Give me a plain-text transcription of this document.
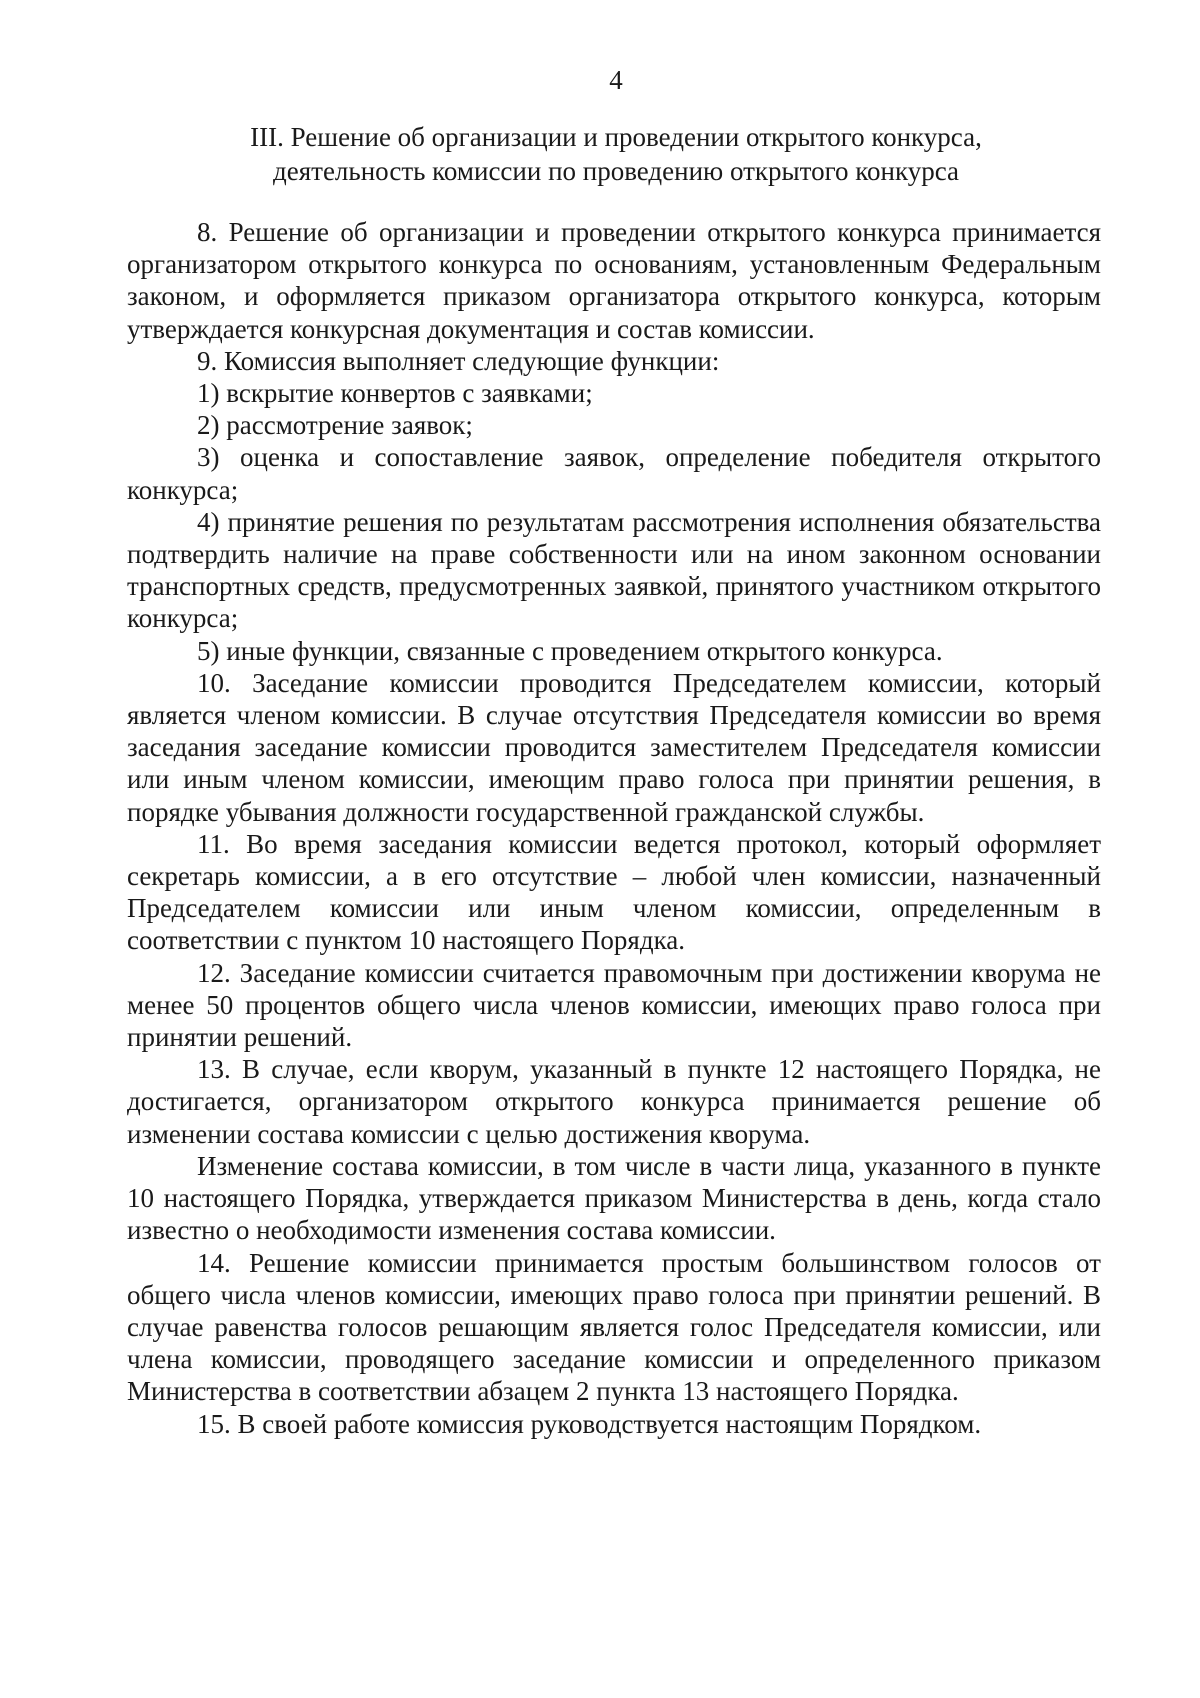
4
III. Решение об организации и проведении открытого конкурса,
деятельность комиссии по проведению открытого конкурса

8. Решение об организации и проведении открытого конкурса принимается организатором открытого конкурса по основаниям, установленным Федеральным законом, и оформляется приказом организатора открытого конкурса, которым утверждается конкурсная документация и состав комиссии.

9. Комиссия выполняет следующие функции:

1) вскрытие конвертов с заявками;

2) рассмотрение заявок;

3) оценка и сопоставление заявок, определение победителя открытого конкурса;

4) принятие решения по результатам рассмотрения исполнения обязательства подтвердить наличие на праве собственности или на ином законном основании транспортных средств, предусмотренных заявкой, принятого участником открытого конкурса;

5) иные функции, связанные с проведением открытого конкурса.

10. Заседание комиссии проводится Председателем комиссии, который является членом комиссии. В случае отсутствия Председателя комиссии во время заседания заседание комиссии проводится заместителем Председателя комиссии или иным членом комиссии, имеющим право голоса при принятии решения, в порядке убывания должности государственной гражданской службы.

11. Во время заседания комиссии ведется протокол, который оформляет секретарь комиссии, а в его отсутствие – любой член комиссии, назначенный Председателем комиссии или иным членом комиссии, определенным в соответствии с пунктом 10 настоящего Порядка.

12. Заседание комиссии считается правомочным при достижении кворума не менее 50 процентов общего числа членов комиссии, имеющих право голоса при принятии решений.

13. В случае, если кворум, указанный в пункте 12 настоящего Порядка, не достигается, организатором открытого конкурса принимается решение об изменении состава комиссии с целью достижения кворума.

Изменение состава комиссии, в том числе в части лица, указанного в пункте 10 настоящего Порядка, утверждается приказом Министерства в день, когда стало известно о необходимости изменения состава комиссии.

14. Решение комиссии принимается простым большинством голосов от общего числа членов комиссии, имеющих право голоса при принятии решений. В случае равенства голосов решающим является голос Председателя комиссии, или члена комиссии, проводящего заседание комиссии и определенного приказом Министерства в соответствии абзацем 2 пункта 13 настоящего Порядка.

15. В своей работе комиссия руководствуется настоящим Порядком.
